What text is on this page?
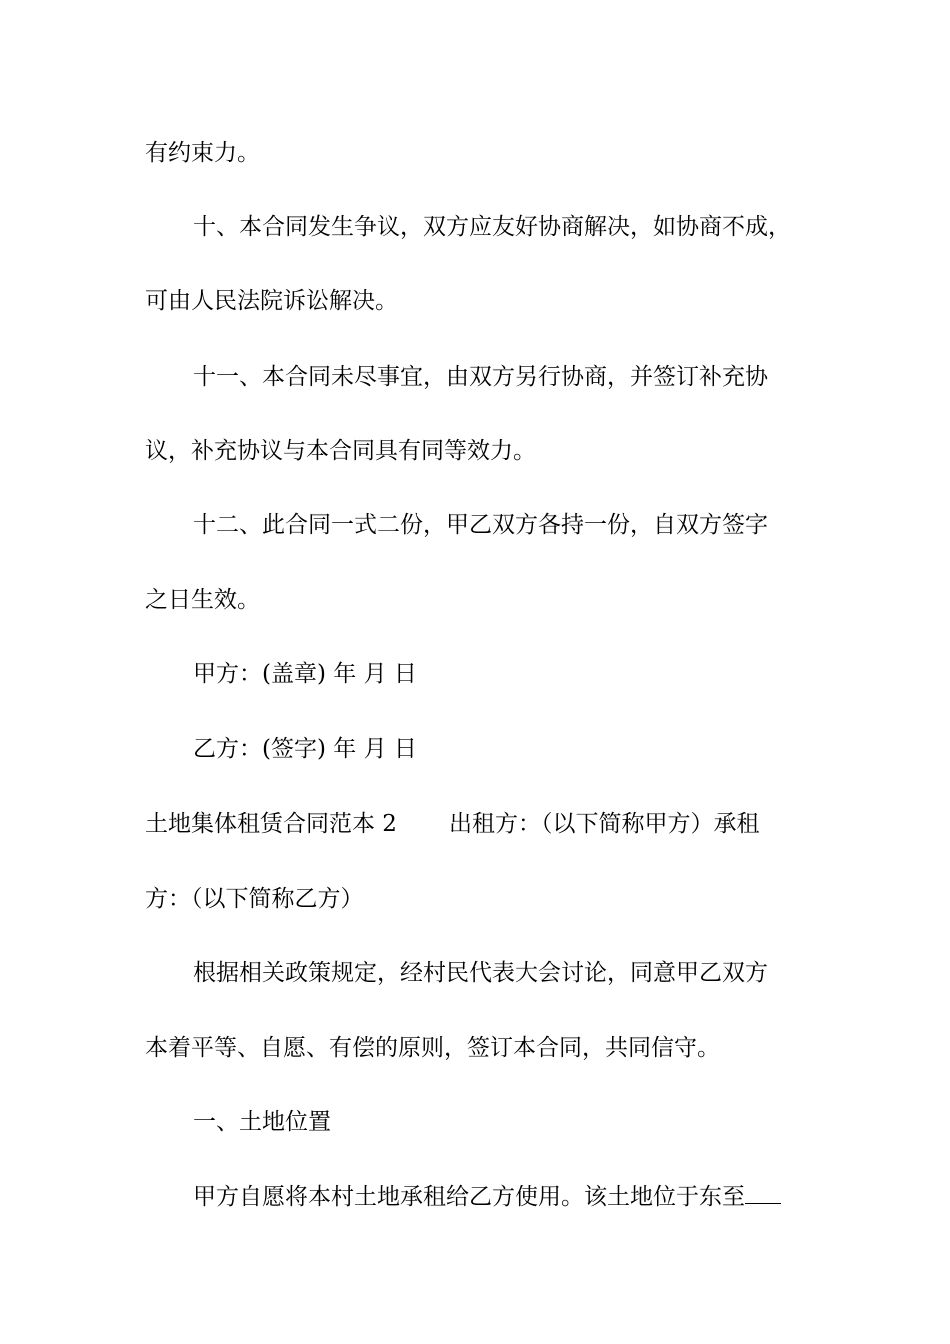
有约束力。
十、本合同发生争议，双方应友好协商解决，如协商不成，
可由人民法院诉讼解决。
十一、本合同未尽事宜，由双方另行协商，并签订补充协
议，补充协议与本合同具有同等效力。
十二、此合同一式二份，甲乙双方各持一份，自双方签字
之日生效。
甲方：(盖章) 年 月 日
乙方：(签字) 年 月 日
土地集体租赁合同范本 2 出租方：（以下简称甲方）承租
方：（以下简称乙方）
根据相关政策规定，经村民代表大会讨论，同意甲乙双方
本着平等、自愿、有偿的原则，签订本合同，共同信守。
一、土地位置
甲方自愿将本村土地承租给乙方使用。该土地位于东至
